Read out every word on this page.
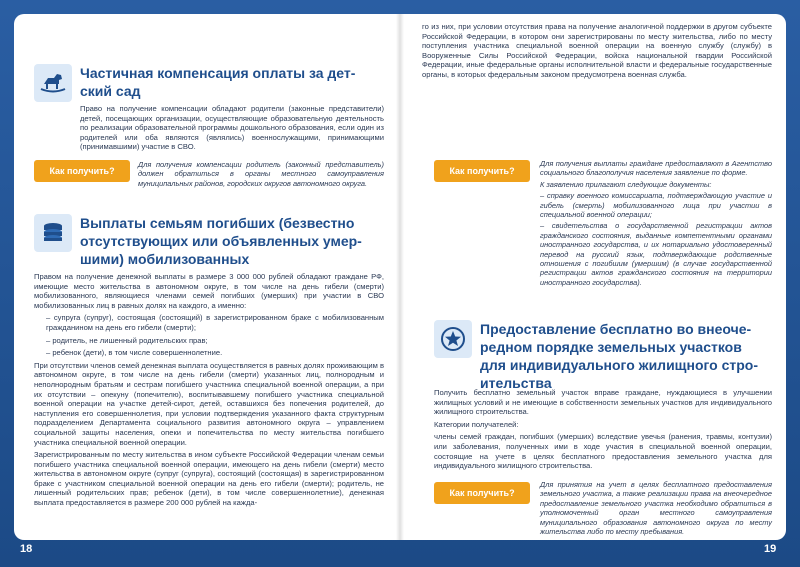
Частичная компенсация оплаты за дет-
ский сад

Право на получение компенсации обладают родители (законные представители) детей, посещающих организации, осуществляющие образовательную деятельность по реализации образовательной программы дошкольного образования, если один из родителей или оба являются (являлись) военнослужащими, принимающими (принимавшими) участие в СВО.

Как получить?

Для получения компенсации родитель (законный представитель) должен обратиться в органы местного самоуправления муниципальных районов, городских округов автономного округа.

Выплаты семьям погибших (безвестно
отсутствующих или объявленных умер-
шими) мобилизованных

Правом на получение денежной выплаты в размере 3 000 000 рублей обладают граждане РФ, имеющие место жительства в автономном округе, в том числе на день гибели (смерти) мобилизованного, являющиеся членами семей погибших (умерших) при участии в СВО мобилизованных лиц в равных долях на каждого, а именно:

– супруга (супруг), состоящая (состоящий) в зарегистрированном браке с мобилизованным гражданином на день его гибели (смерти);

– родитель, не лишенный родительских прав;

– ребенок (дети), в том числе совершеннолетние.

При отсутствии членов семей денежная выплата осуществляется в равных долях проживающим в автономном округе, в том числе на день гибели (смерти) указанных лиц, полнородным и неполнородным братьям и сестрам погибшего участника специальной военной операции, а при их отсутствии – опекуну (попечителю), воспитывавшему погибшего участника специальной военной операции на участке детей-сирот, детей, оставшихся без попечения родителей, до наступления его совершеннолетия, при условии подтверждения указанного факта структурным подразделением Департамента социального развития автономного округа – управлением социальной защиты населения, опеки и попечительства по месту жительства погибшего участника специальной военной операции.

Зарегистрированным по месту жительства в ином субъекте Российской Федерации членам семьи погибшего участника специальной военной операции, имеющего на день гибели (смерти) место жительства в автономном округе (супруг (супруга), состоящий (состоящая) в зарегистрированном браке с участником специальной военной операции на день его гибели (смерти); родитель, не лишенный родительских прав; ребенок (дети), в том числе совершеннолетние), денежная выплата предоставляется в размере 200 000 рублей на кажда-

го из них, при условии отсутствия права на получение аналогичной поддержки в другом субъекте Российской Федерации, в котором они зарегистрированы по месту жительства, либо по месту поступления участника специальной военной операции на военную службу (службу) в Вооруженные Силы Российской Федерации, войска национальной гвардии Российской Федерации, иные федеральные органы исполнительной власти и федеральные государственные органы, в которых федеральным законом предусмотрена военная служба.

Как получить?

Для получения выплаты граждане предоставляют в Агентство социального благополучия населения заявление по форме.

К заявлению прилагают следующие документы:

– справку военного комиссариата, подтверждающую участие и гибель (смерть) мобилизованного лица при участии в специальной военной операции;

– свидетельства о государственной регистрации актов гражданского состояния, выданные компетентными органами иностранного государства, и их нотариально удостоверенный перевод на русский язык, подтверждающие родственные отношения с погибшим (умершим) (в случае государственной регистрации актов гражданского состояния на территории иностранного государства).

Предоставление бесплатно во внеоче-
редном порядке земельных участков
для индивидуального жилищного стро-
ительства

Получить бесплатно земельный участок вправе граждане, нуждающиеся в улучшении жилищных условий и не имеющие в собственности земельных участков для индивидуального жилищного строительства.

Категории получателей:

члены семей граждан, погибших (умерших) вследствие увечья (ранения, травмы, контузии) или заболевания, полученных ими в ходе участия в специальной военной операции, состоящие на учете в целях бесплатного предоставления земельного участка для индивидуального жилищного строительства.

Как получить?

Для принятия на учет в целях бесплатного предоставления земельного участка, а также реализации права на внеочередное предоставление земельного участка необходимо обратиться в уполномоченный орган местного самоуправления муниципального образования автономного округа по месту жительства либо по месту пребывания.

18	19
